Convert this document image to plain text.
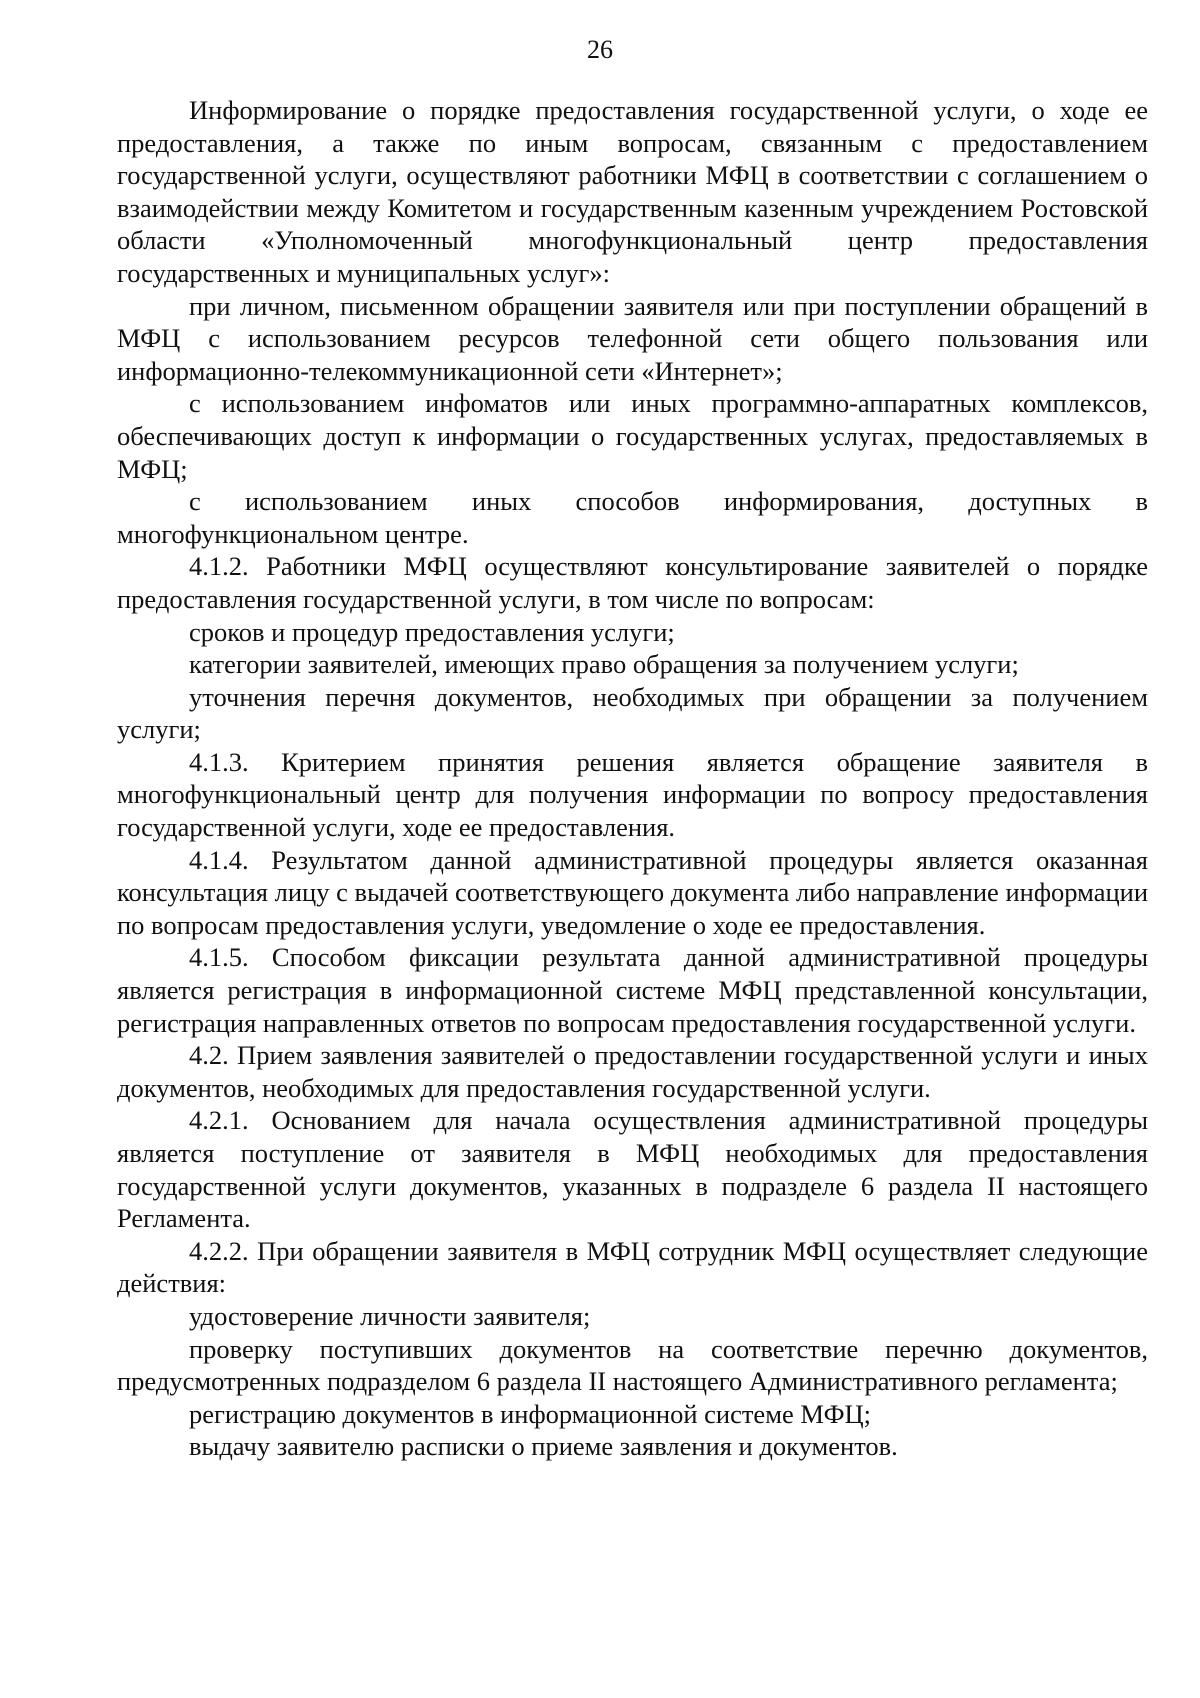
26

Информирование о порядке предоставления государственной услуги, о ходе ее предоставления, а также по иным вопросам, связанным с предоставлением государственной услуги, осуществляют работники МФЦ в соответствии с соглашением о взаимодействии между Комитетом и государственным казенным учреждением Ростовской области «Уполномоченный многофункциональный центр предоставления государственных и муниципальных услуг»:

при личном, письменном обращении заявителя или при поступлении обращений в МФЦ с использованием ресурсов телефонной сети общего пользования или информационно-телекоммуникационной сети «Интернет»;

с использованием инфоматов или иных программно-аппаратных комплексов, обеспечивающих доступ к информации о государственных услугах, предоставляемых в МФЦ;

с использованием иных способов информирования, доступных в многофункциональном центре.

4.1.2. Работники МФЦ осуществляют консультирование заявителей о порядке предоставления государственной услуги, в том числе по вопросам:

сроков и процедур предоставления услуги;

категории заявителей, имеющих право обращения за получением услуги;

уточнения перечня документов, необходимых при обращении за получением услуги;

4.1.3. Критерием принятия решения является обращение заявителя в многофункциональный центр для получения информации по вопросу предоставления государственной услуги, ходе ее предоставления.

4.1.4. Результатом данной административной процедуры является оказанная консультация лицу с выдачей соответствующего документа либо направление информации по вопросам предоставления услуги, уведомление о ходе ее предоставления.

4.1.5. Способом фиксации результата данной административной процедуры является регистрация в информационной системе МФЦ представленной консультации, регистрация направленных ответов по вопросам предоставления государственной услуги.

4.2. Прием заявления заявителей о предоставлении государственной услуги и иных документов, необходимых для предоставления государственной услуги.

4.2.1. Основанием для начала осуществления административной процедуры является поступление от заявителя в МФЦ необходимых для предоставления государственной услуги документов, указанных в подразделе 6 раздела II настоящего Регламента.

4.2.2. При обращении заявителя в МФЦ сотрудник МФЦ осуществляет следующие действия:

удостоверение личности заявителя;

проверку поступивших документов на соответствие перечню документов, предусмотренных подразделом 6 раздела II настоящего Административного регламента;

регистрацию документов в информационной системе МФЦ;

выдачу заявителю расписки о приеме заявления и документов.
